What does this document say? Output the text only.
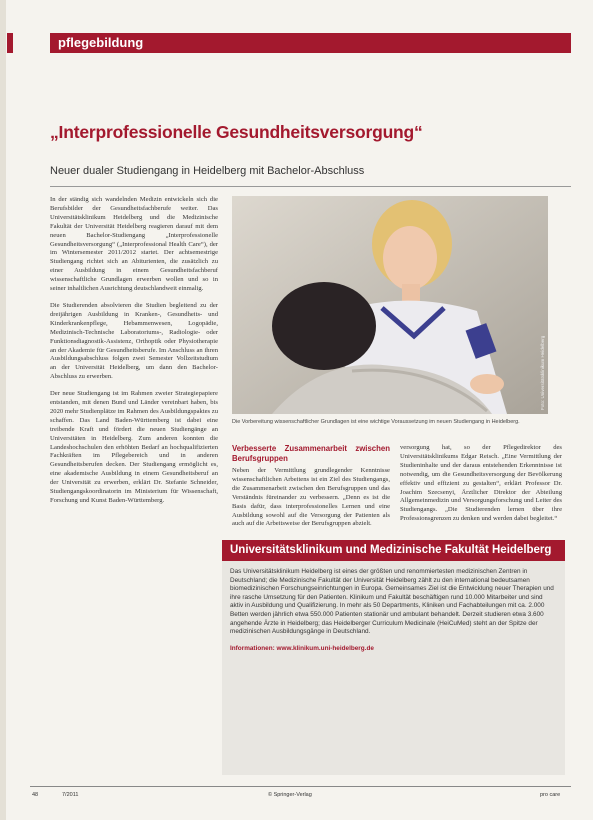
pflegebildung
„Interprofessionelle Gesundheitsversorgung“
Neuer dualer Studiengang in Heidelberg mit Bachelor-Abschluss

In der ständig sich wandelnden Medizin entwickeln sich die Berufsbilder der Gesundheitsfachberufe weiter. Das Universitätsklinikum Heidelberg und die Medizinische Fakultät der Universität Heidelberg reagieren darauf mit dem neuen Bachelor-Studiengang „Interprofessionelle Gesundheitsversorgung“ („Interprofessional Health Care“), der im Wintersemester 2011/2012 startet. Der achtsemestrige Studiengang richtet sich an Abiturienten, die zusätzlich zu einer Ausbildung in einem Gesundheitsfachberuf wissenschaftliche Grundlagen erwerben wollen und so in seiner inhaltlichen Ausrichtung deutschlandweit einmalig.

Die Studierenden absolvieren die Studien begleitend zu der dreijährigen Ausbildung in Kranken-, Gesundheits- und Kinderkrankenpflege, Hebammenwesen, Logopädie, Medizinisch-Technische Laboratoriums-, Radiologie- oder Funktionsdiagnostik-Assistenz, Orthoptik oder Physiotherapie an der Akademie für Gesundheitsberufe. Im Anschluss an ihren Ausbildungsabschluss folgen zwei Semester Vollzeitstudium an der Universität Heidelberg, um dann den Bachelor-Abschluss zu erwerben.

Der neue Studiengang ist im Rahmen zweier Strategiepapiere entstanden, mit denen Bund und Länder vereinbart haben, bis 2020 mehr Studienplätze im Rahmen des Ausbildungspaktes zu schaffen. Das Land Baden-Württemberg ist dabei eine treibende Kraft und fördert die neuen Studiengänge an Universitäten in Heidelberg. Zum anderen konnten die Landeshochschulen den erhöhten Bedarf an hochqualifizierten Fachkräften im Pflegebereich und in anderen Gesundheitsberufen decken. Der Studiengang ermöglicht es, eine akademische Ausbildung in einem Gesundheitsberuf an der Universität zu erwerben, erklärt Dr. Stefanie Schneider, Studiengangskoordinatorin im Ministerium für Wissenschaft, Forschung und Kunst Baden-Württemberg.

Foto: Universitätsklinikum Heidelberg
Die Vorbereitung wissenschaftlicher Grundlagen ist eine wichtige Voraussetzung im neuen Studiengang in Heidelberg.
Verbesserte Zusammenarbeit zwischen Berufsgruppen

Neben der Vermittlung grundlegender Kenntnisse wissenschaftlichen Arbeitens ist ein Ziel des Studiengangs, die Zusammenarbeit zwischen den Berufsgruppen und das Verständnis füreinander zu verbessern. „Denn es ist die Basis dafür, dass interprofessionelles Lernen und eine Ausbildung sowohl auf die Versorgung der Patienten als auch auf die Arbeitsweise der Berufsgruppen abzielt.

versorgung hat, so der Pflegedirektor des Universitätsklinikums Edgar Reisch. „Eine Vermittlung der Studieninhalte und der daraus entstehenden Erkenntnisse ist notwendig, um die Gesundheitsversorgung der Bevölkerung effektiv und effizient zu gestalten“, erklärt Professor Dr. Joachim Szecsenyi, Ärztlicher Direktor der Abteilung Allgemeinmedizin und Versorgungsforschung und Leiter des Studiengangs. „Die Studierenden lernen über ihre Professionsgrenzen zu denken und werden dabei begleitet.“

Universitätsklinikum und Medizinische Fakultät Heidelberg
Das Universitätsklinikum Heidelberg ist eines der größten und renommiertesten medizinischen Zentren in Deutschland; die Medizinische Fakultät der Universität Heidelberg zählt zu den international bedeutsamen biomedizinischen Forschungseinrichtungen in Europa. Gemeinsames Ziel ist die Entwicklung neuer Therapien und ihre rasche Umsetzung für den Patienten. Klinikum und Fakultät beschäftigen rund 10.000 Mitarbeiter und sind aktiv in Ausbildung und Qualifizierung. In mehr als 50 Departments, Kliniken und Fachabteilungen mit ca. 2.000 Betten werden jährlich etwa 550.000 Patienten stationär und ambulant behandelt. Derzeit studieren etwa 3.600 angehende Ärzte in Heidelberg; das Heidelberger Curriculum Medicinale (HeiCuMed) steht an der Spitze der medizinischen Ausbildungsgänge in Deutschland.
Informationen: www.klinikum.uni-heidelberg.de
48	7/2011	© Springer-Verlag	pro care
